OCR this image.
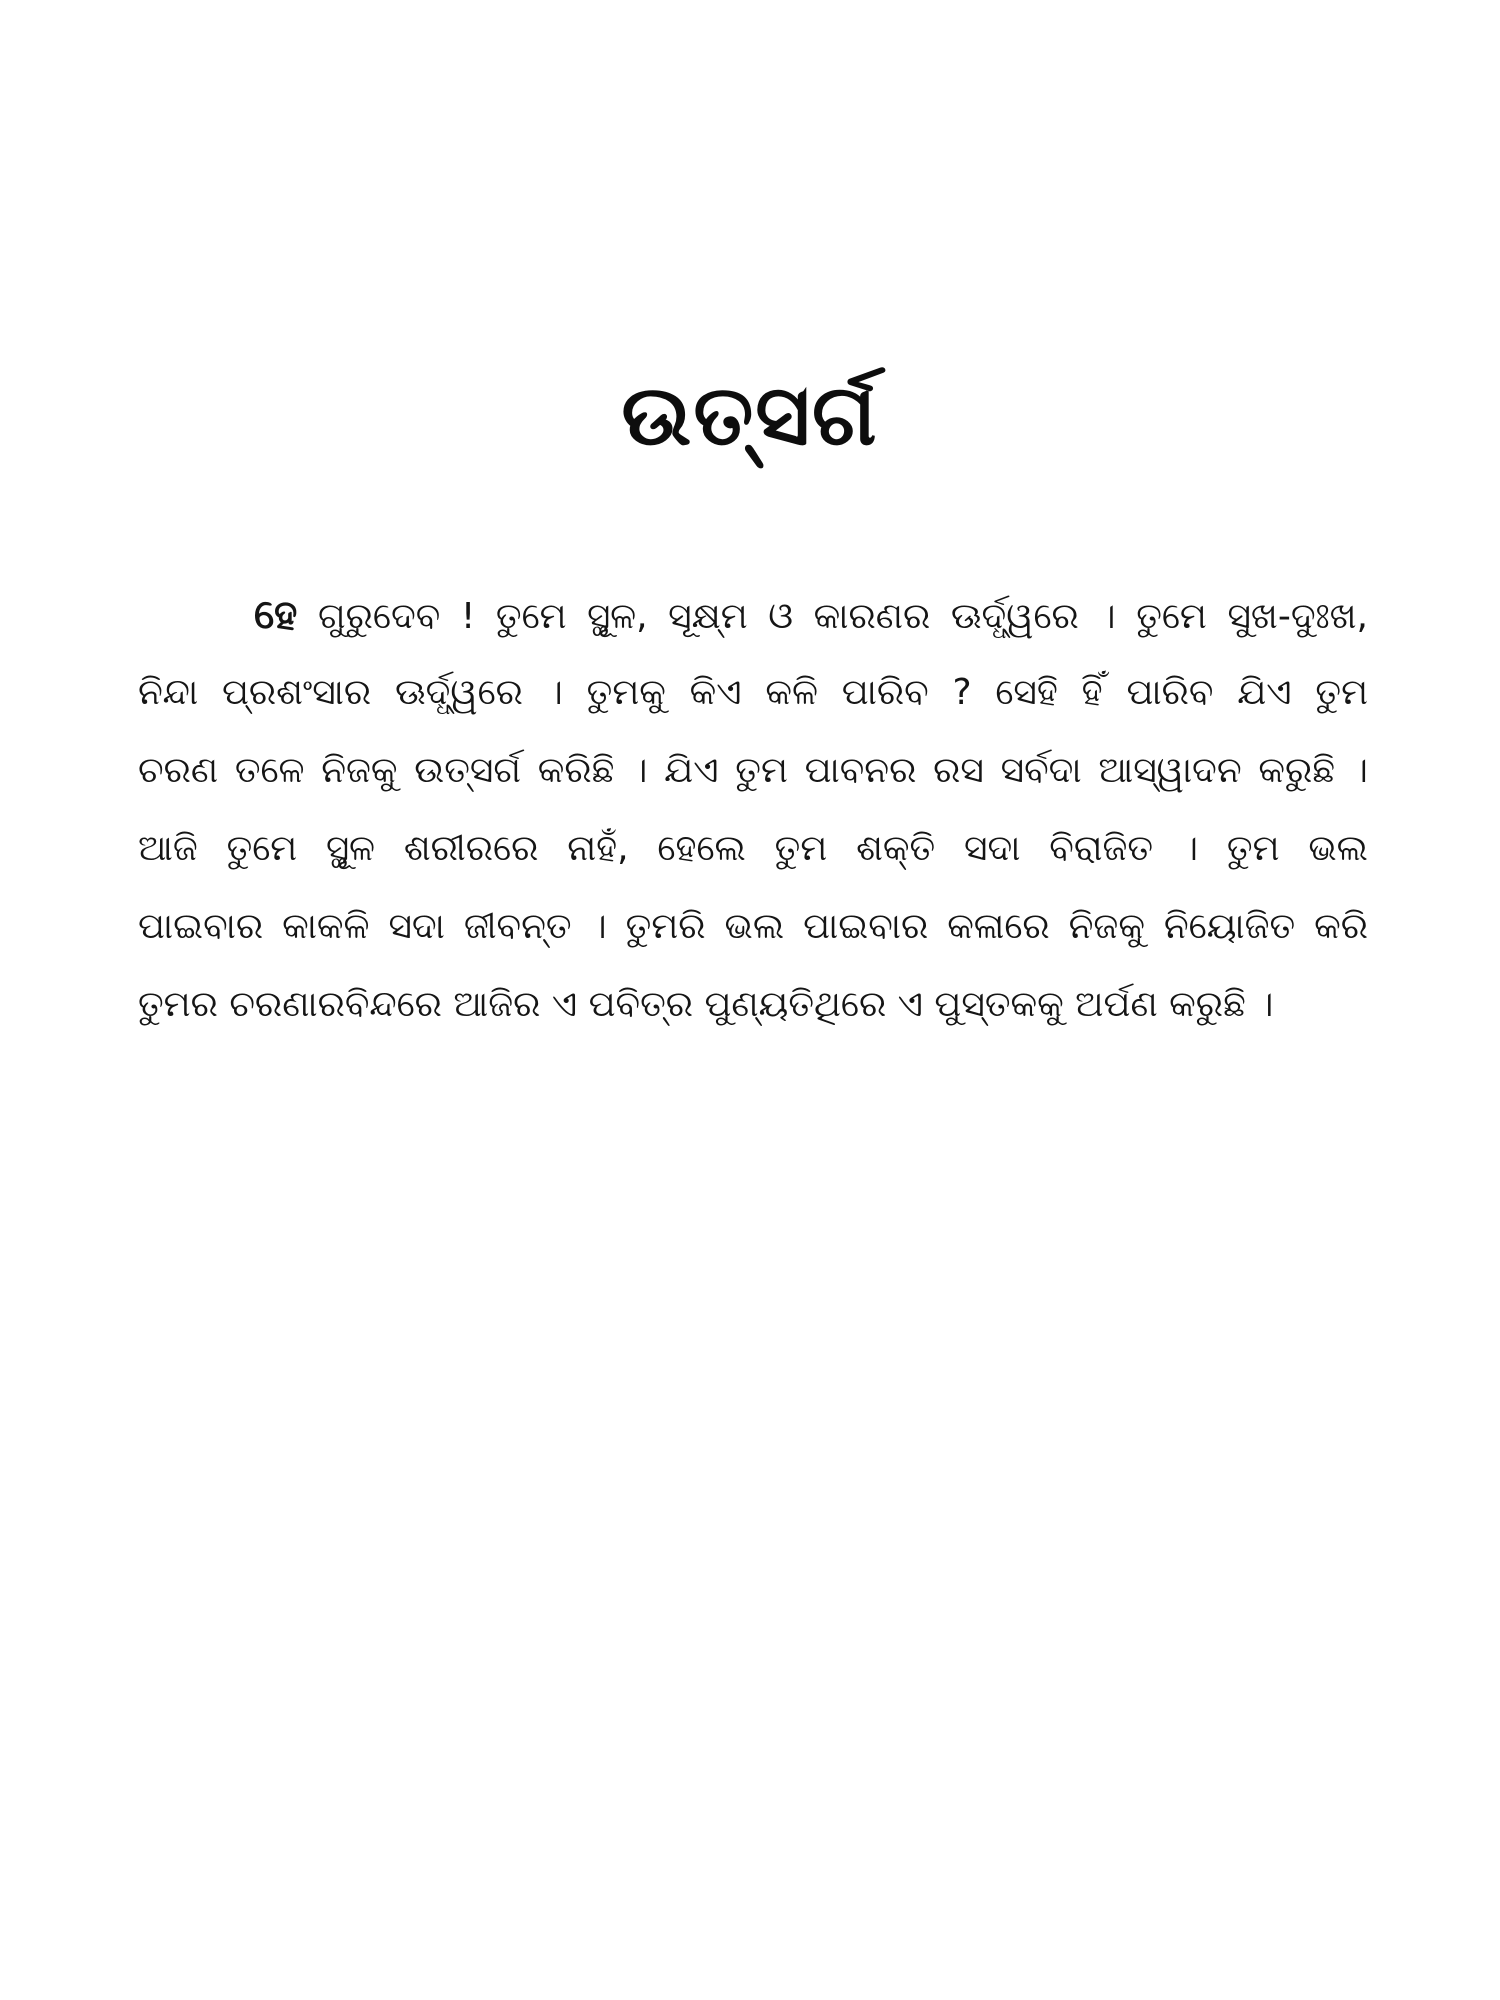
ଉତ୍ସର୍ଗ
ହେ ଗୁରୁଦେବ ! ତୁମେ ସ୍ଥୂଳ, ସୂକ୍ଷ୍ମ ଓ କାରଣର ଊର୍ଦ୍ଧ୍ୱରେ । ତୁମେ ସୁଖ-ଦୁଃଖ,
ନିନ୍ଦା ପ୍ରଶଂସାର ଊର୍ଦ୍ଧ୍ୱରେ । ତୁମକୁ କିଏ କଳି ପାରିବ ? ସେହି ହିଁ ପାରିବ ଯିଏ ତୁମ
ଚରଣ ତଳେ ନିଜକୁ ଉତ୍ସର୍ଗ କରିଛି । ଯିଏ ତୁମ ପାବନର ରସ ସର୍ବଦା ଆସ୍ୱାଦନ କରୁଛି ।
ଆଜି ତୁମେ ସ୍ଥୂଳ ଶରୀରରେ ନାହଁ, ହେଲେ ତୁମ ଶକ୍ତି ସଦା ବିରାଜିତ । ତୁମ ଭଲ
ପାଇବାର କାକଳି ସଦା ଜୀବନ୍ତ । ତୁମରି ଭଲ ପାଇବାର କଳାରେ ନିଜକୁ ନିୟୋଜିତ କରି
ତୁମର ଚରଣାରବିନ୍ଦରେ ଆଜିର ଏ ପବିତ୍ର ପୁଣ୍ୟତିଥିରେ ଏ ପୁସ୍ତକକୁ ଅର୍ପଣ କରୁଛି ।
